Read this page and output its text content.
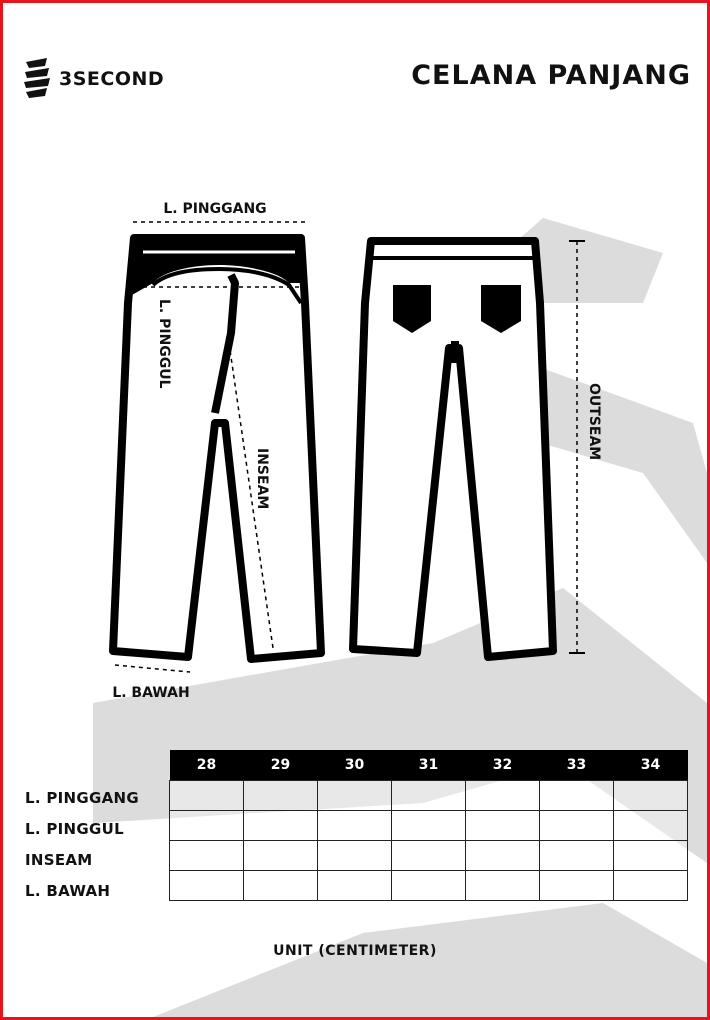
3SECOND	CELANA PANJANG
L. PINGGANG
L. PINGGUL
INSEAM
L. BAWAH
OUTSEAM
28	29	30	31	32	33	34

L. PINGGANG
L. PINGGUL
INSEAM
L. BAWAH
UNIT (CENTIMETER)
